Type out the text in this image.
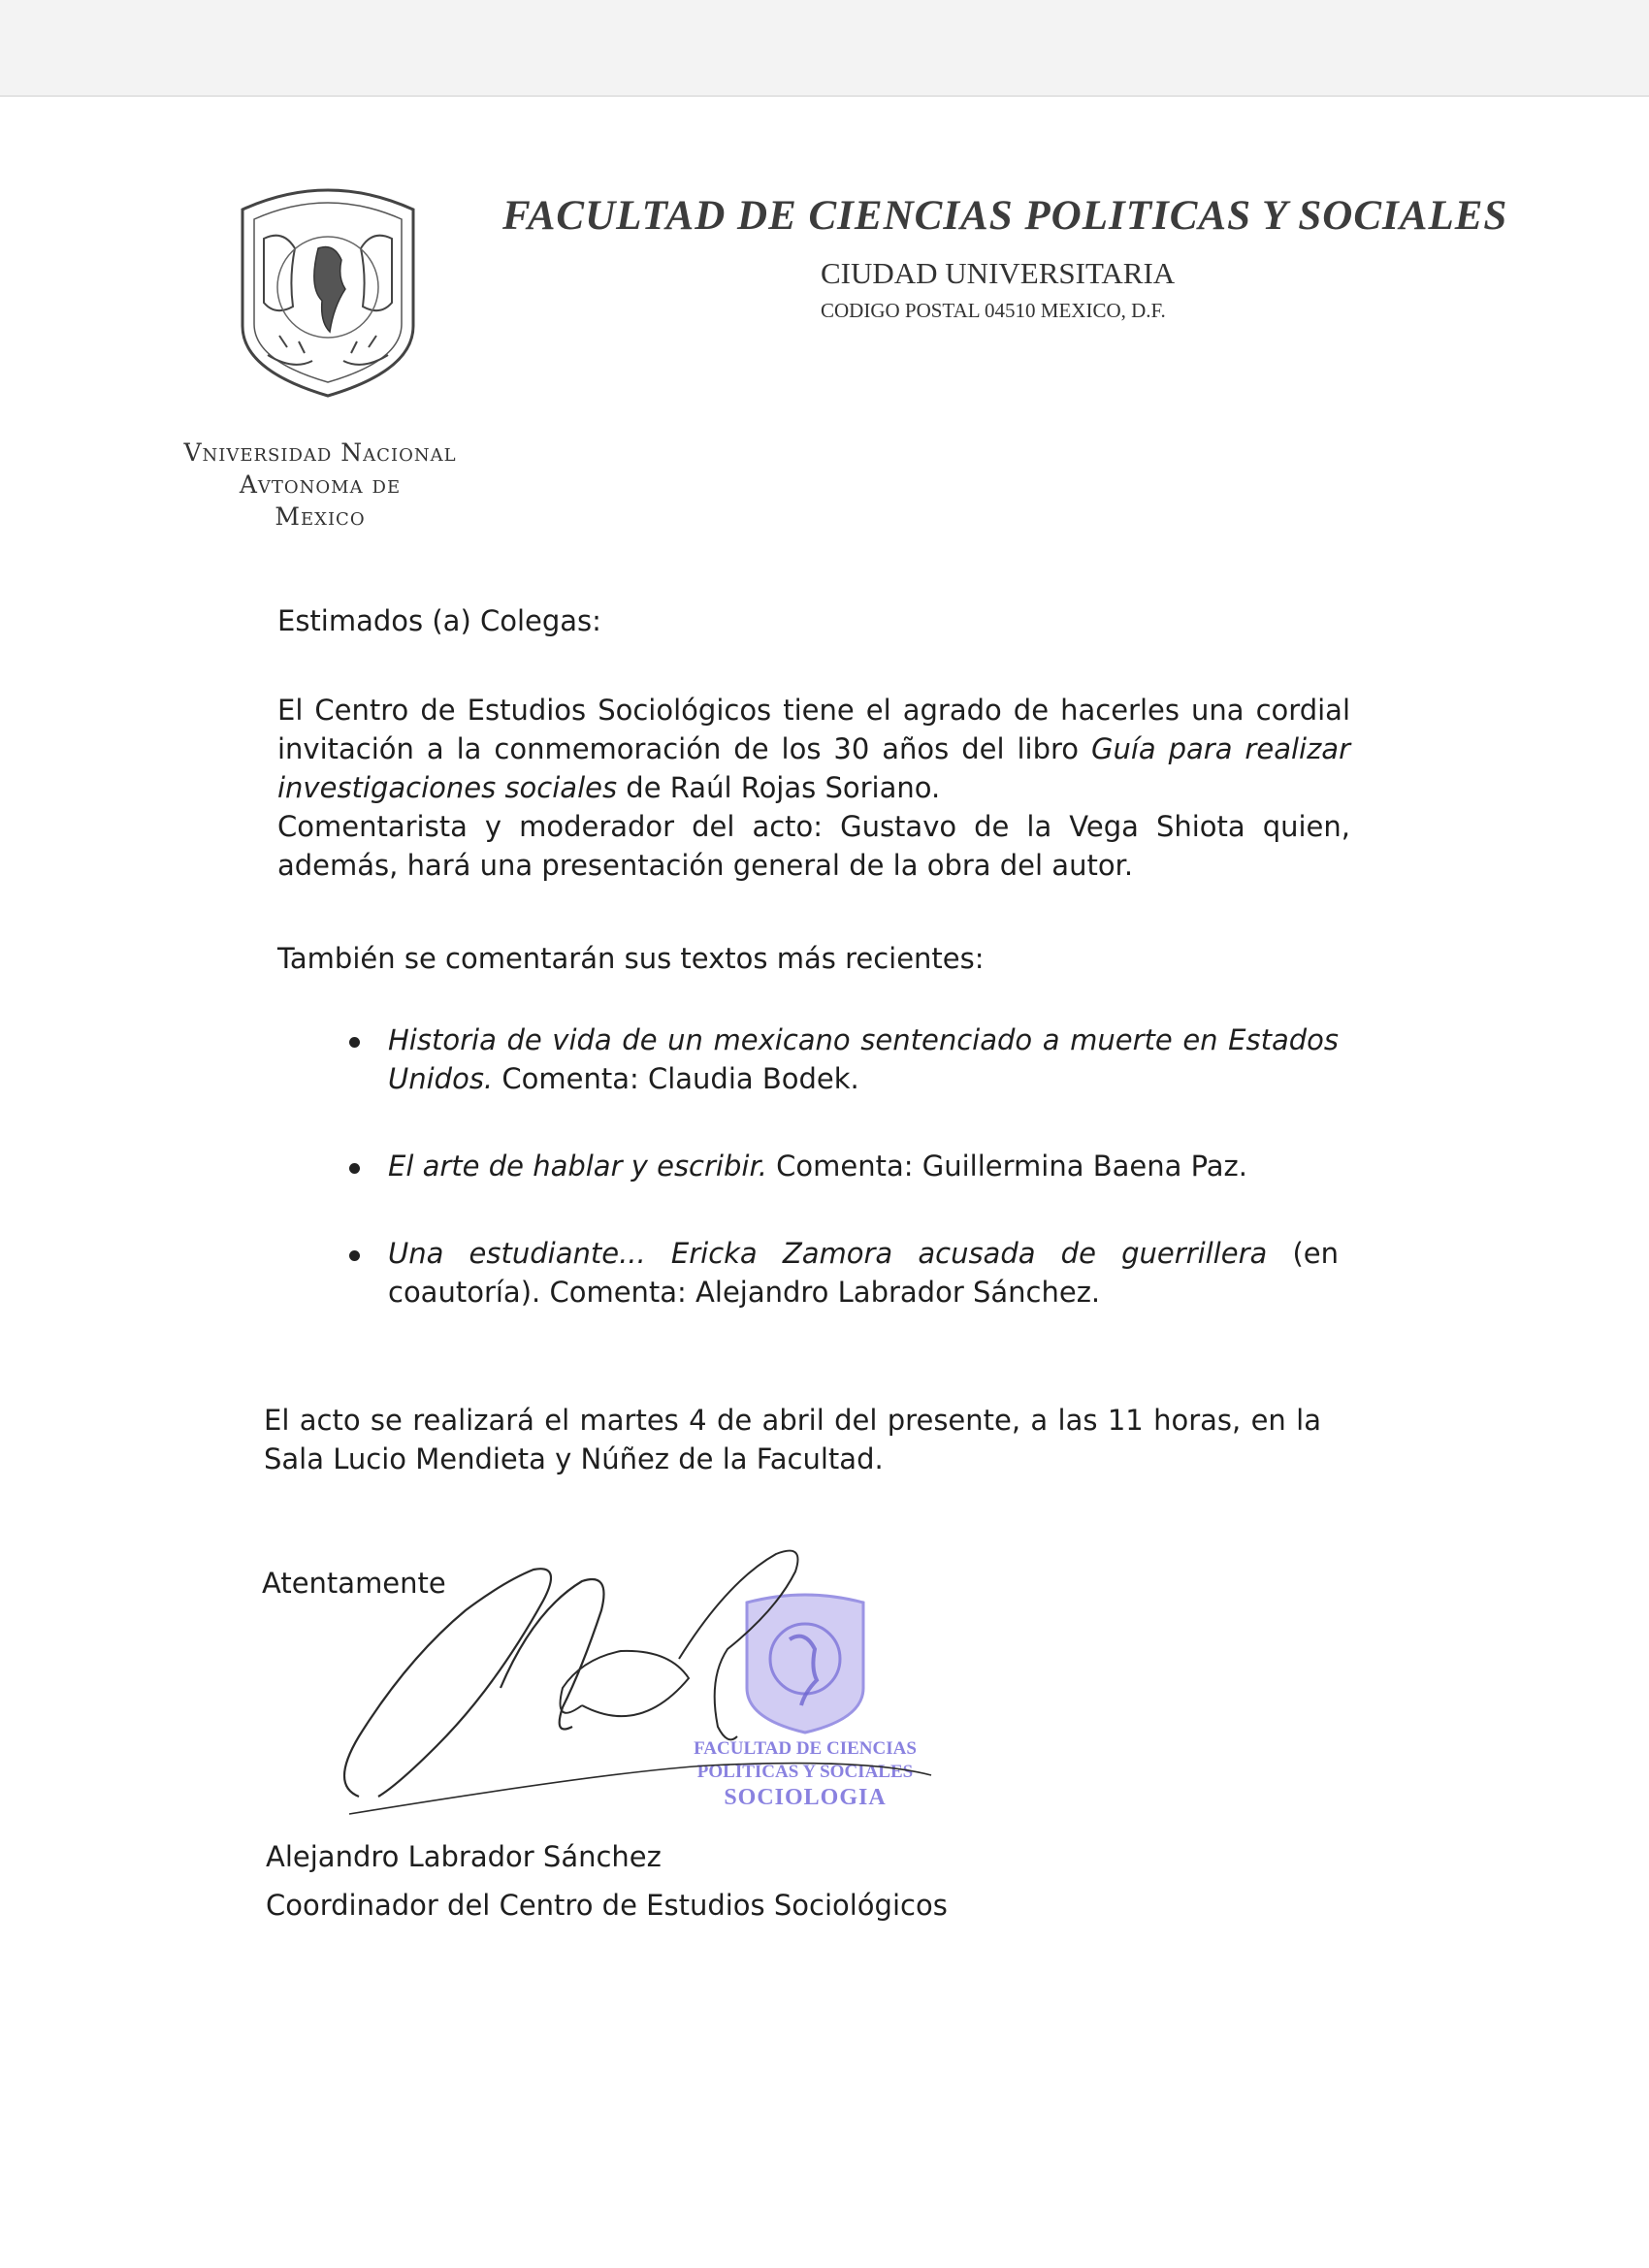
Vniversidad Nacional
Avtonoma de
Mexico
FACULTAD DE CIENCIAS POLITICAS Y SOCIALES
CIUDAD UNIVERSITARIA
CODIGO POSTAL 04510 MEXICO, D.F.
Estimados (a) Colegas:
El Centro de Estudios Sociológicos tiene el agrado de hacerles una cordial invitación a la conmemoración de los 30 años del libro Guía para realizar investigaciones sociales de Raúl Rojas Soriano.
Comentarista y moderador del acto: Gustavo de la Vega Shiota quien, además, hará una presentación general de la obra del autor.
También se comentarán sus textos más recientes:
Historia de vida de un mexicano sentenciado a muerte en Estados Unidos. Comenta: Claudia Bodek.
El arte de hablar y escribir. Comenta: Guillermina Baena Paz.
Una estudiante... Ericka Zamora acusada de guerrillera (en coautoría). Comenta: Alejandro Labrador Sánchez.
El acto se realizará el martes 4 de abril del presente, a las 11 horas, en la Sala Lucio Mendieta y Núñez de la Facultad.
Atentamente
FACULTAD DE CIENCIAS
POLITICAS Y SOCIALES
SOCIOLOGIA
Alejandro Labrador Sánchez
Coordinador del Centro de Estudios Sociológicos
